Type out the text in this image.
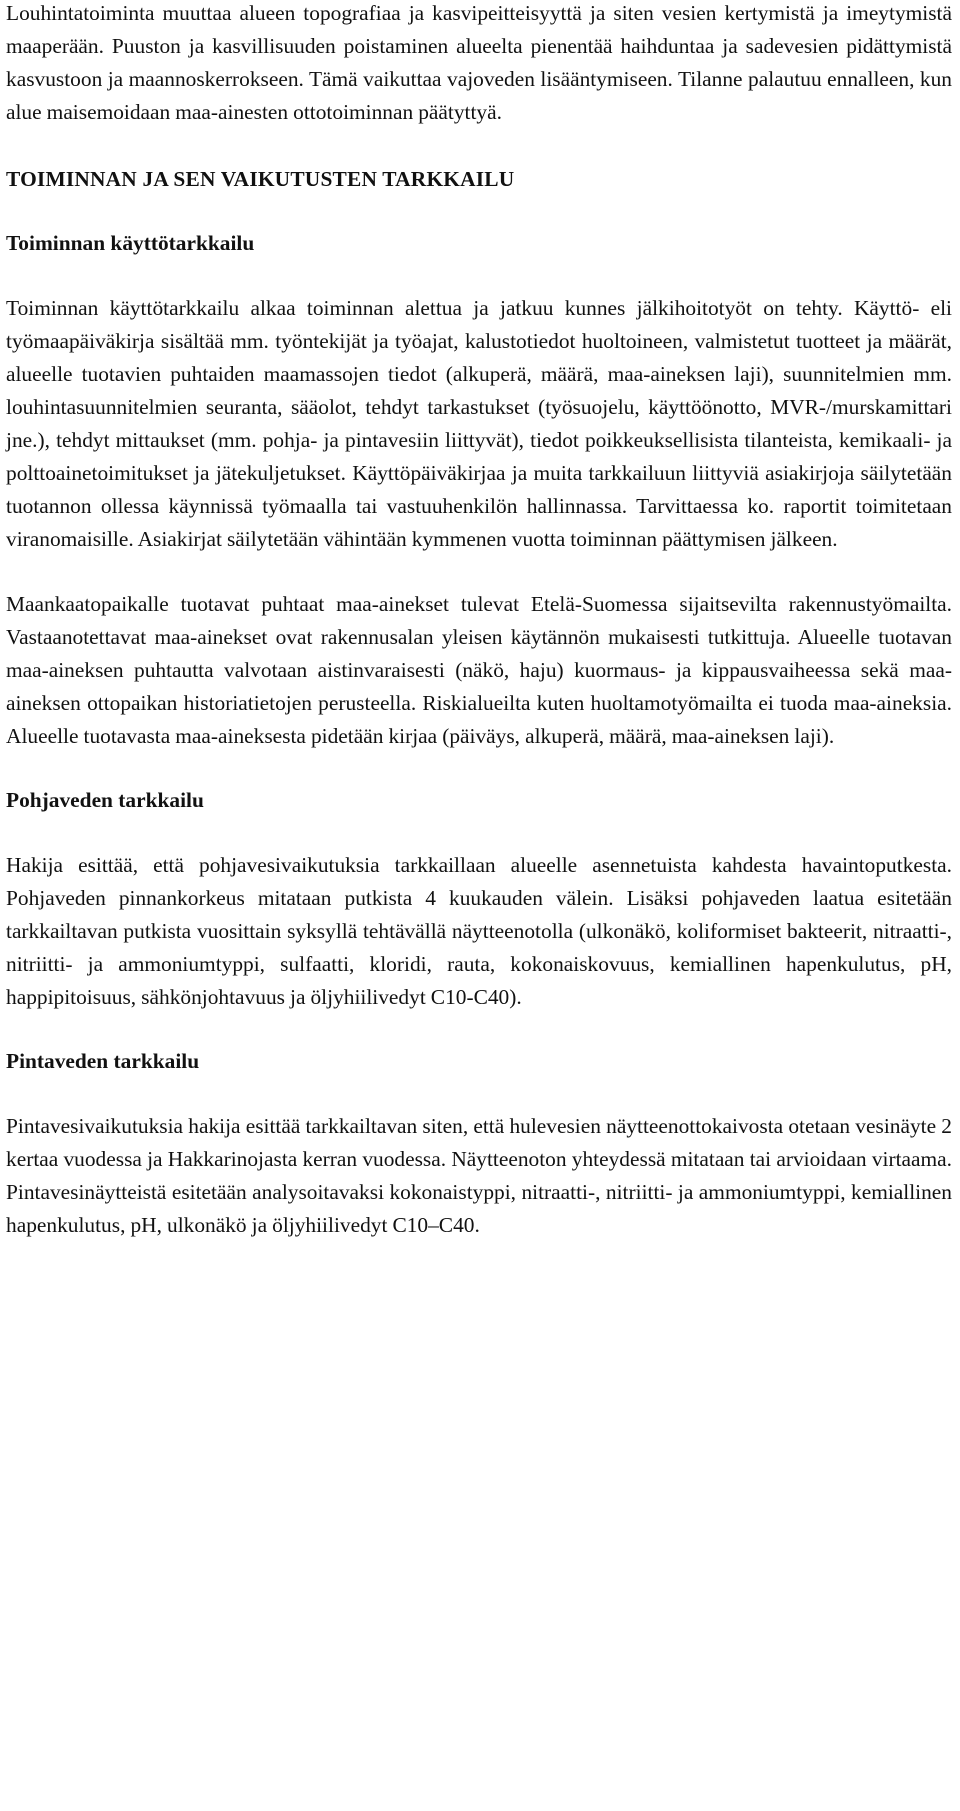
Louhintatoiminta muuttaa alueen topografiaa ja kasvipeitteisyyttä ja siten vesien kertymistä ja imeytymistä maaperään. Puuston ja kasvillisuuden poistaminen alueelta pienentää haihduntaa ja sadevesien pidättymistä kasvustoon ja maannoskerrokseen. Tämä vaikuttaa vajoveden lisääntymiseen. Tilanne palautuu ennalleen, kun alue maisemoidaan maa-ainesten ottotoiminnan päätyttyä.

TOIMINNAN JA SEN VAIKUTUSTEN TARKKAILU
Toiminnan käyttötarkkailu

Toiminnan käyttötarkkailu alkaa toiminnan alettua ja jatkuu kunnes jälkihoitotyöt on tehty. Käyttö- eli työmaapäiväkirja sisältää mm. työntekijät ja työajat, kalustotiedot huoltoineen, valmistetut tuotteet ja määrät, alueelle tuotavien puhtaiden maamassojen tiedot (alkuperä, määrä, maa-aineksen laji), suunnitelmien mm. louhintasuunnitelmien seuranta, sääolot, tehdyt tarkastukset (työsuojelu, käyttöönotto, MVR-/murskamittari jne.), tehdyt mittaukset (mm. pohja- ja pintavesiin liittyvät), tiedot poikkeuksellisista tilanteista, kemikaali- ja polttoainetoimitukset ja jätekuljetukset. Käyttöpäiväkirjaa ja muita tarkkailuun liittyviä asiakirjoja säilytetään tuotannon ollessa käynnissä työmaalla tai vastuuhenkilön hallinnassa. Tarvittaessa ko. raportit toimitetaan viranomaisille. Asiakirjat säilytetään vähintään kymmenen vuotta toiminnan päättymisen jälkeen.

Maankaatopaikalle tuotavat puhtaat maa-ainekset tulevat Etelä-Suomessa sijaitsevilta rakennustyömailta. Vastaanotettavat maa-ainekset ovat rakennusalan yleisen käytännön mukaisesti tutkittuja. Alueelle tuotavan maa-aineksen puhtautta valvotaan aistinvaraisesti (näkö, haju) kuormaus- ja kippausvaiheessa sekä maa-aineksen ottopaikan historiatietojen perusteella. Riskialueilta kuten huoltamotyömailta ei tuoda maa-aineksia. Alueelle tuotavasta maa-aineksesta pidetään kirjaa (päiväys, alkuperä, määrä, maa-aineksen laji).

Pohjaveden tarkkailu

Hakija esittää, että pohjavesivaikutuksia tarkkaillaan alueelle asennetuista kahdesta havaintoputkesta. Pohjaveden pinnankorkeus mitataan putkista 4 kuukauden välein. Lisäksi pohjaveden laatua esitetään tarkkailtavan putkista vuosittain syksyllä tehtävällä näytteenotolla (ulkonäkö, koliformiset bakteerit, nitraatti-, nitriitti- ja ammoniumtyppi, sulfaatti, kloridi, rauta, kokonaiskovuus, kemiallinen hapenkulutus, pH, happipitoisuus, sähkönjohtavuus ja öljyhiilivedyt C10-C40).

Pintaveden tarkkailu

Pintavesivaikutuksia hakija esittää tarkkailtavan siten, että hulevesien näytteenottokaivosta otetaan vesinäyte 2 kertaa vuodessa ja Hakkarinojasta kerran vuodessa. Näytteenoton yhteydessä mitataan tai arvioidaan virtaama. Pintavesinäytteistä esitetään analysoitavaksi kokonaistyppi, nitraatti-, nitriitti- ja ammoniumtyppi, kemiallinen hapenkulutus, pH, ulkonäkö ja öljyhiilivedyt C10–C40.
